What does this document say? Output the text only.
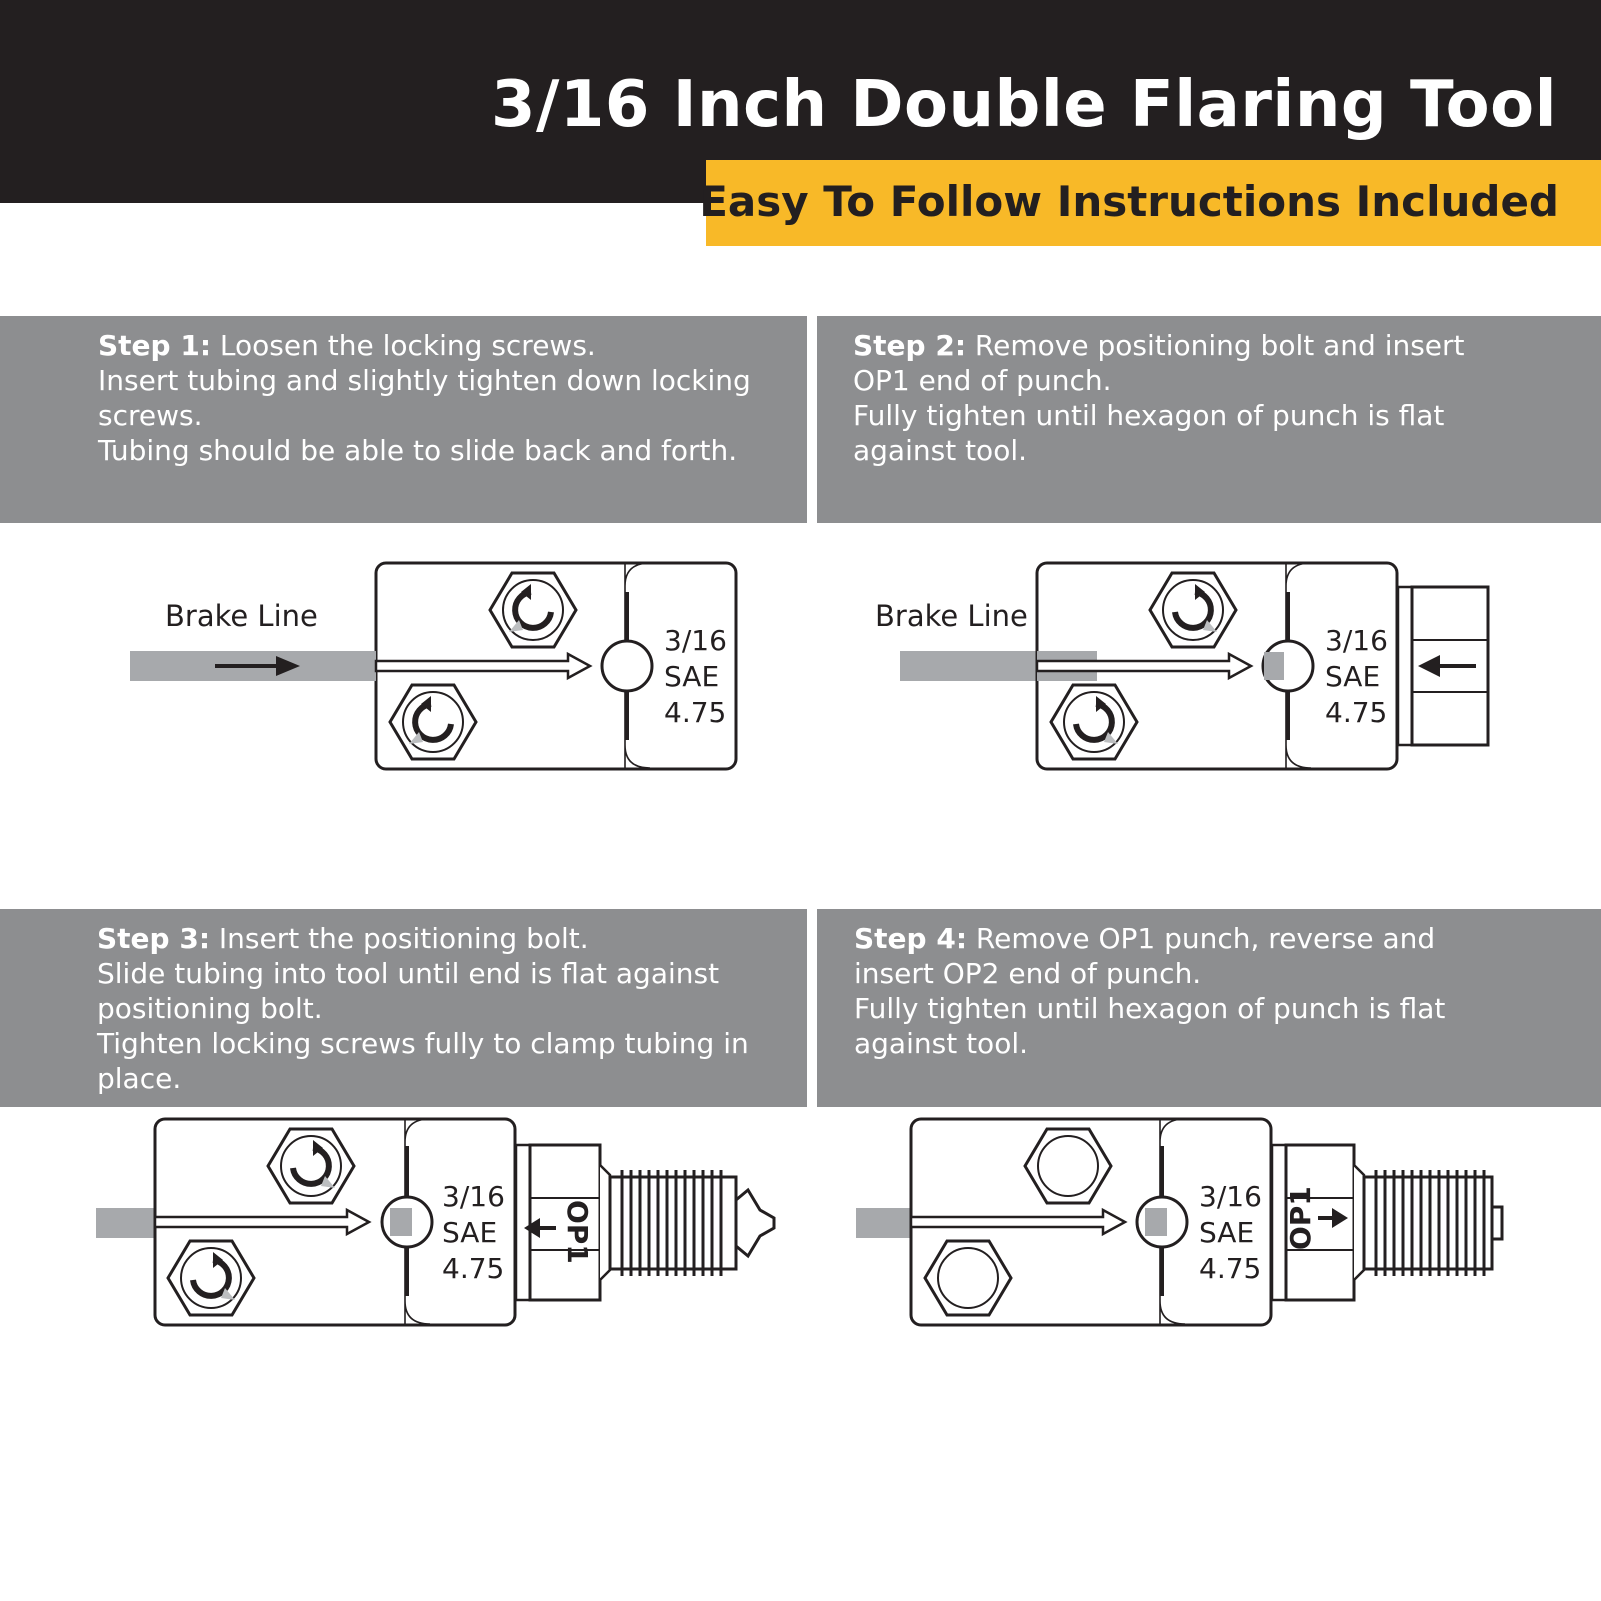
3/16 Inch Double Flaring Tool
Easy To Follow Instructions Included

Step 1: Loosen the locking screws.

Insert tubing and slightly tighten down locking screws.

Tubing should be able to slide back and forth.

Step 2: Remove positioning bolt and insert OP1 end of punch.

Fully tighten until hexagon of punch is flat against tool.

Step 3: Insert the positioning bolt.

Slide tubing into tool until end is flat against positioning bolt.

Tighten locking screws fully to clamp tubing in place.

Step 4: Remove OP1 punch, reverse and insert OP2 end of punch.

Fully tighten until hexagon of punch is flat against tool.

Brake Line
3/16
SAE
4.75
Brake Line
3/16
SAE
4.75
3/16
SAE
4.75
OP1
3/16
SAE
4.75
OP1
